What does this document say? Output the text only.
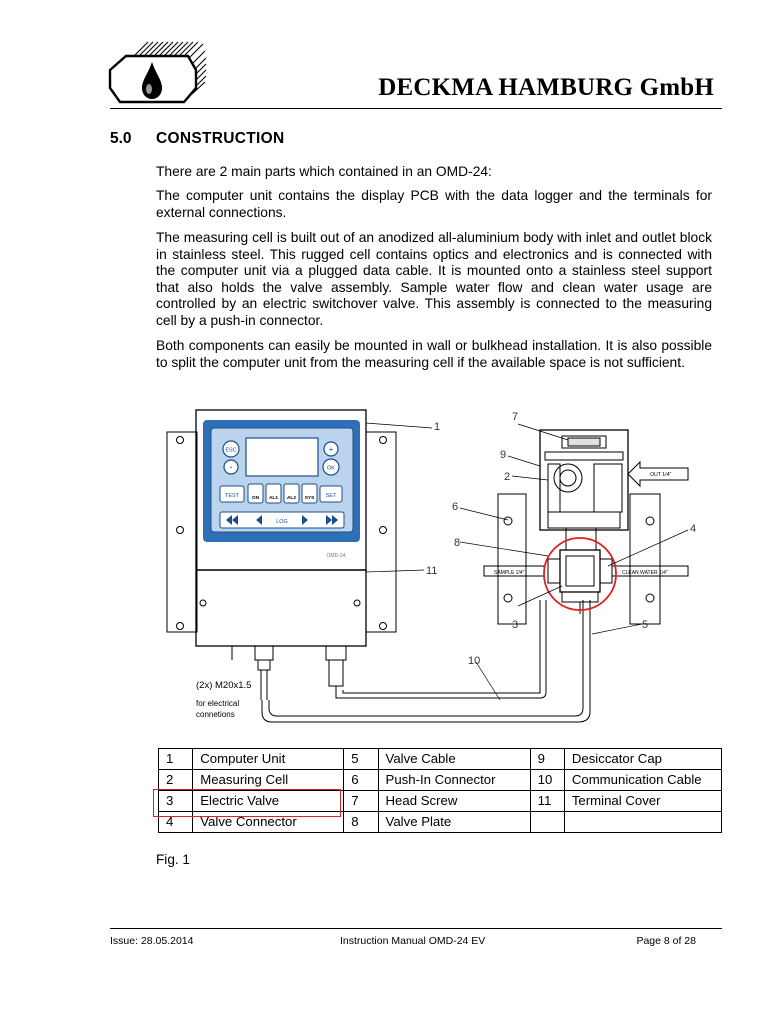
DECKMA HAMBURG GmbH
5.0 CONSTRUCTION
There are 2 main parts which contained in an OMD-24:
The computer unit contains the display PCB with the data logger and the terminals for external connections.
The measuring cell is built out of an anodized all-aluminium body with inlet and outlet block in stainless steel. This rugged cell contains optics and electronics and is connected with the computer unit via a plugged data cable. It is mounted onto a stainless steel support that also holds the valve assembly. Sample water flow and clean water usage are controlled by an electric switchover valve. This assembly is connected to the measuring cell by a push-in connector.
Both components can easily be mounted in wall or bulkhead installation. It is also possible to split the computer unit from the measuring cell if the available space is not sufficient.
ESC
-
+
OK
TEST	ON AL1 AL2 SYS SET
LOG
OMD-24
OUT 1/4"
SAMPLE 1/4"	CLEAN WATER 1/4"
1
2
3
4
5
6
7
8
9
10
11
(2x) M20x1.5
for electrical
connetions
1	Computer Unit	5	Valve Cable	9	Desiccator Cap
2	Measuring Cell	6	Push-In Connector	10	Communication Cable
3	Electric Valve	7	Head Screw	11	Terminal Cover
4	Valve Connector	8	Valve Plate		
Fig. 1
Issue: 28.05.2014	Instruction Manual OMD-24 EV	Page 8 of 28
